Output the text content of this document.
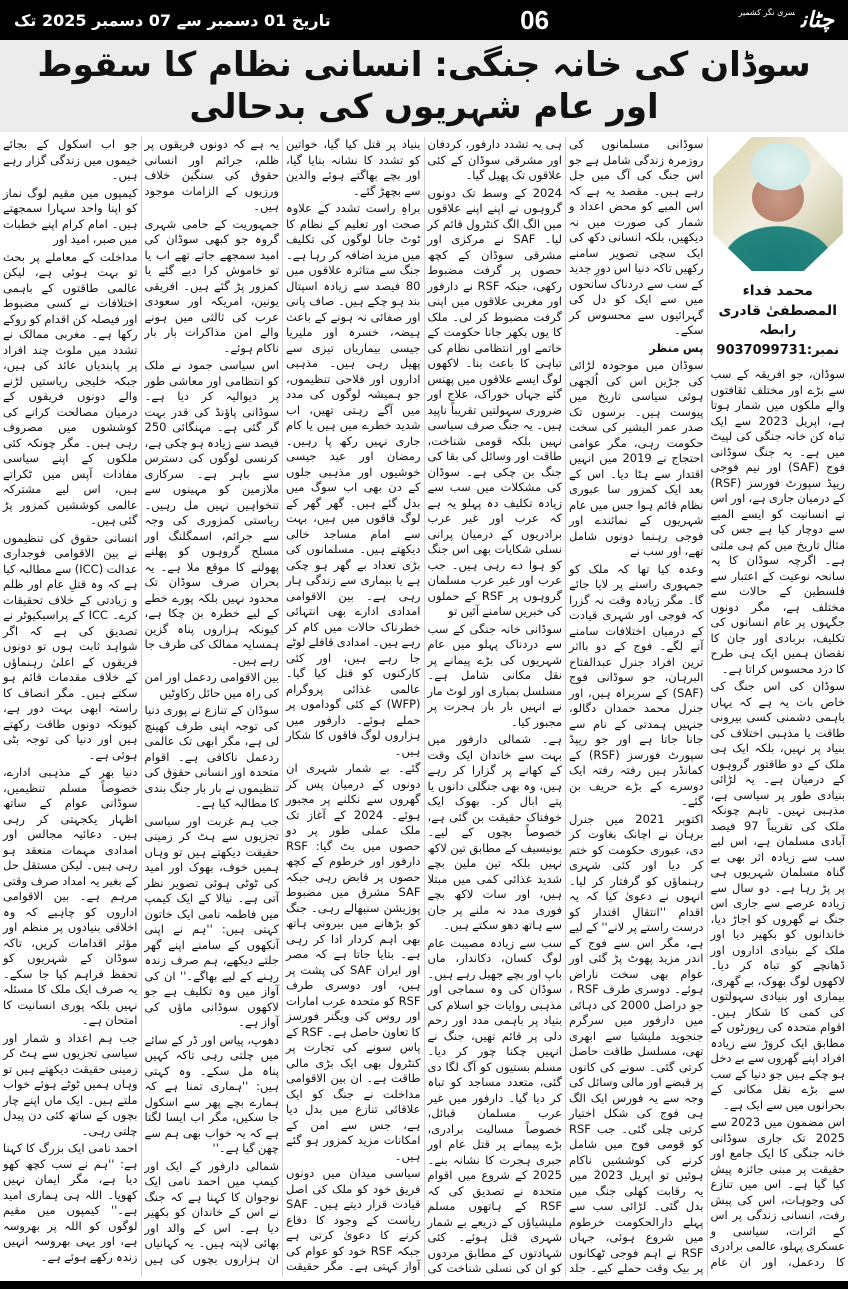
تاریخ 01 دسمبر سے 07 دسمبر 2025 تک	06	چٹان$^{سری نگر کشمیر}$
سوڈان کی خانہ جنگی: انسانی نظام کا سقوط اور عام شہریوں کی بدحالی
محمد فداء المصطفیٰ قادری
رابطہ نمبر:9037099731

سوڈان، جو افریقہ کے سب سے بڑے اور مختلف ثقافتوں والے ملکوں میں شمار ہوتا ہے، اپریل 2023 سے ایک تباہ کن خانہ جنگی کی لپیٹ میں ہے۔ یہ جنگ سوڈانی فوج (SAF) اور نیم فوجی ریپڈ سپورٹ فورسز (RSF) کے درمیان جاری ہے، اور اس نے انسانیت کو ایسے المیے سے دوچار کیا ہے جس کی مثال تاریخ میں کم ہی ملتی ہے۔ اگرچہ سوڈان کا یہ سانحہ نوعیت کے اعتبار سے فلسطین کے حالات سے مختلف ہے، مگر دونوں جگہوں پر عام انسانوں کی تکلیف، بربادی اور جان کا نقصان ہمیں ایک ہی طرح کا درد محسوس کراتا ہے۔

سوڈان کی اس جنگ کی خاص بات یہ ہے کہ یہاں باہمی دشمنی کسی بیرونی طاقت یا مذہبی اختلاف کی بنیاد پر نہیں، بلکہ ایک ہی ملک کے دو طاقتور گروہوں کے درمیان ہے۔ یہ لڑائی بنیادی طور پر سیاسی ہے، مذہبی نہیں۔ تاہم چونکہ ملک کی تقریباً 97 فیصد آبادی مسلمان ہے، اس لیے سب سے زیادہ اثر بھی بے گناہ مسلمان شہریوں ہی پر پڑ رہا ہے۔ دو سال سے زیادہ عرصے سے جاری اس جنگ نے گھروں کو اجاڑ دیا، خاندانوں کو بکھیر دیا اور ملک کے بنیادی اداروں اور ڈھانچے کو تباہ کر دیا۔ لاکھوں لوگ بھوک، بے گھری، بیماری اور بنیادی سہولتوں کی کمی کا شکار ہیں۔ اقوام متحدہ کی رپورٹوں کے مطابق ایک کروڑ سے زیادہ افراد اپنے گھروں سے بے دخل ہو چکے ہیں جو دنیا کے سب سے بڑے نقل مکانی کے بحرانوں میں سے ایک ہے۔

اس مضمون میں 2023 سے 2025 تک جاری سوڈانی خانہ جنگی کا ایک جامع اور حقیقت پر مبنی جائزہ پیش کیا گیا ہے۔ اس میں تنازع کی وجوہات، اس کی پیش رفت، انسانی زندگی پر اس کے اثرات، سیاسی و عسکری پہلو، عالمی برادری کا ردعمل، اور ان عام سوڈانی مسلمانوں کی روزمرہ زندگی شامل ہے جو اس جنگ کی آگ میں جل رہے ہیں۔ مقصد یہ ہے کہ اس المیے کو محض اعداد و شمار کی صورت میں نہ دیکھیں، بلکہ انسانی دکھ کی ایک سچی تصویر سامنے رکھیں تاکہ دنیا اس دورِ جدید کے سب سے دردناک سانحوں میں سے ایک کو دل کی گہرائیوں سے محسوس کر سکے۔

پس منظر

سوڈان میں موجودہ لڑائی کی جڑیں اس کی اُلجھی ہوئی سیاسی تاریخ میں پیوست ہیں۔ برسوں تک صدر عمر البشیر کی سخت حکومت رہی، مگر عوامی احتجاج نے 2019 میں انہیں اقتدار سے ہٹا دیا۔ اس کے بعد ایک کمزور سا عبوری نظام قائم ہوا جس میں عام شہریوں کے نمائندے اور فوجی رہنما دونوں شامل تھے، اور سب نے

وعدہ کیا تھا کہ ملک کو جمہوری راستے پر لایا جائے گا۔ مگر زیادہ وقت نہ گزرا کہ فوجی اور شہری قیادت کے درمیان اختلافات سامنے آنے لگے۔ فوج کے دو بااثر ترین افراد جنرل عبدالفتاح البرہان، جو سوڈانی فوج (SAF) کے سربراہ ہیں، اور جنرل محمد حمدان دگالو، جنہیں ہمدتی کے نام سے جانا جاتا ہے اور جو ریپڈ سپورٹ فورسز (RSF) کے کمانڈر ہیں رفتہ رفتہ ایک دوسرے کے بڑے حریف بن گئے۔

اکتوبر 2021 میں جنرل برہان نے اچانک بغاوت کر دی، عبوری حکومت کو ختم کر دیا اور کئی شہری رہنماؤں کو گرفتار کر لیا۔ انہوں نے دعویٰ کیا کہ یہ اقدام ''انتقالِ اقتدار کو درست راستے پر لانے'' کے لیے ہے، مگر اس سے فوج کے اندر مزید پھوٹ پڑ گئی اور عوام بھی سخت ناراض ہوئے۔ دوسری طرف RSF ، جو دراصل 2000 کی دہائی میں دارفور میں سرگرم جنجوید ملیشیا سے ابھری تھی، مسلسل طاقت حاصل کرتی گئی۔ سونے کی کانوں پر قبضے اور مالی وسائل کی وجہ سے یہ فورس ایک الگ ہی فوج کی شکل اختیار کرتی چلی گئی۔ جب RSF کو قومی فوج میں شامل کرنے کی کوششیں ناکام ہوئیں تو اپریل 2023 میں یہ رقابت کھلی جنگ میں بدل گئی۔ لڑائی سب سے پہلے دارالحکومت خرطوم میں شروع ہوئی، جہاں RSF نے اہم فوجی ٹھکانوں پر بیک وقت حملے کیے۔ جلد ہی یہ تشدد دارفور، کردفان اور مشرقی سوڈان کے کئی علاقوں تک پھیل گیا۔

2024 کے وسط تک دونوں گروہوں نے اپنے اپنے علاقوں میں الگ الگ کنٹرول قائم کر لیا۔ SAF نے مرکزی اور مشرقی سوڈان کے کچھ حصوں پر گرفت مضبوط رکھی، جبکہ RSF نے دارفور اور مغربی علاقوں میں اپنی گرفت مضبوط کر لی۔ ملک کا یوں بکھر جانا حکومت کے خاتمے اور انتظامی نظام کی تباہی کا باعث بنا۔ لاکھوں لوگ ایسے علاقوں میں پھنس گئے جہاں خوراک، علاج اور ضروری سہولتیں تقریباً ناپید ہیں۔ یہ جنگ صرف سیاسی نہیں بلکہ قومی شناخت، طاقت اور وسائل کی بقا کی جنگ بن چکی ہے۔ سوڈان کی مشکلات میں سب سے زیادہ تکلیف دہ پہلو یہ ہے کہ عرب اور غیر عرب برادریوں کے درمیان پرانی نسلی شکایات بھی اس جنگ کو ہوا دے رہی ہیں۔ جب عرب اور غیر عرب مسلمان گروہوں پر RSF کے حملوں کی خبریں سامنے آئیں تو

سوڈانی خانہ جنگی کے سب سے دردناک پہلو میں عام شہریوں کی بڑے پیمانے پر نقل مکانی شامل ہے۔ مسلسل بمباری اور لوٹ مار نے انہیں بار بار ہجرت پر مجبور کیا۔

ہے۔ شمالی دارفور میں بہت سے خاندان ایک وقت کے کھانے پر گزارا کر رہے ہیں، وہ بھی جنگلی دانوں یا پتے ابال کر۔ بھوک ایک خوفناک حقیقت بن گئی ہے، خصوصاً بچوں کے لیے۔ یونیسیف کے مطابق تین لاکھ نہیں بلکہ تین ملین بچے شدید غذائی کمی میں مبتلا ہیں، اور سات لاکھ بچے فوری مدد نہ ملنے پر جان سے ہاتھ دھو سکتے ہیں۔

سب سے زیادہ مصیبت عام لوگ کسان، دکاندار، ماں باپ اور بچے جھیل رہے ہیں۔ سوڈان کی وہ سماجی اور مذہبی روایات جو اسلام کی بنیاد پر باہمی مدد اور رحم دلی پر قائم تھیں، جنگ نے انہیں چکنا چور کر دیا۔ مسلم بستیوں کو آگ لگا دی گئی، متعدد مساجد کو تباہ کر دیا گیا۔ دارفور میں غیر عرب مسلمان قبائل، خصوصاً مسالیت برادری، بڑے پیمانے پر قتل عام اور جبری ہجرت کا نشانہ بنے۔ 2025 کے شروع میں اقوام متحدہ نے تصدیق کی کہ RSF کے ہاتھوں مسلم ملیشیاؤں کے ذریعے بے شمار شہری قتل ہوئے۔ کئی شہادتوں کے مطابق مردوں کو ان کی نسلی شناخت کی بنیاد پر قتل کیا گیا، خواتین کو تشدد کا نشانہ بنایا گیا، اور بچے بھاگتے ہوئے والدین سے بچھڑ گئے۔

براہِ راست تشدد کے علاوہ صحت اور تعلیم کے نظام کا ٹوٹ جانا لوگوں کی تکلیف میں مزید اضافہ کر رہا ہے۔ جنگ سے متاثرہ علاقوں میں 80 فیصد سے زیادہ اسپتال بند ہو چکے ہیں۔ صاف پانی اور صفائی نہ ہونے کے باعث ہیضہ، خسرہ اور ملیریا جیسی بیماریاں تیزی سے پھیل رہی ہیں۔ مذہبی اداروں اور فلاحی تنظیموں، جو ہمیشہ لوگوں کی مدد میں آگے رہتی تھیں، اب شدید خطرے میں ہیں یا کام جاری نہیں رکھ پا رہیں۔ رمضان اور عید جیسی خوشیوں اور مذہبی جلوں کے دن بھی اب سوگ میں بدل گئے ہیں۔ گھر گھر کے لوگ فاقوں میں ہیں، بہت سے امام مساجد خالی دیکھتے ہیں۔ مسلمانوں کی بڑی تعداد بے گھر ہو چکی ہے یا بیماری سے زندگی ہار رہی ہے۔ بین الاقوامی امدادی ادارے بھی انتہائی خطرناک حالات میں کام کر رہے ہیں۔ امدادی قافلے لوٹے جا رہے ہیں، اور کئی کارکنوں کو قتل کیا گیا۔ عالمی غذائی پروگرام (WFP) کے کئی گوداموں پر حملے ہوئے۔ دارفور میں ہزاروں لوگ فاقوں کا شکار ہیں۔

گئے۔ بے شمار شہری ان دونوں کے درمیان پس کر گھروں سے نکلنے پر مجبور ہوئے۔ 2024 کے آغاز تک ملک عملی طور پر دو حصوں میں بٹ گیا: RSF دارفور اور خرطوم کے کچھ حصوں پر قابض رہی جبکہ SAF مشرق میں مضبوط پوزیشن سنبھالے رہی۔ جنگ کو بڑھانے میں بیرونی ہاتھ بھی اہم کردار ادا کر رہی ہے۔ بتایا جاتا ہے کہ مصر اور ایران SAF کی پشت پر ہیں، اور دوسری طرف RSF کو متحدہ عرب امارات اور روس کی ویگنر فورسز کا تعاون حاصل ہے۔ RSF کے پاس سونے کی تجارت پر کنٹرول بھی ایک بڑی مالی طاقت ہے۔ ان بین الاقوامی مداخلت نے جنگ کو ایک علاقائی تنازع میں بدل دیا ہے، جس سے امن کے امکانات مزید کمزور ہو گئے ہیں۔

سیاسی میدان میں دونوں فریق خود کو ملک کی اصل قیادت قرار دیتے ہیں۔ SAF ریاست کے وجود کا دفاع کرنے کا دعویٰ کرتی ہے جبکہ RSF خود کو عوام کی آواز کہتی ہے۔ مگر حقیقت یہ ہے کہ دونوں فریقوں پر ظلم، جرائم اور انسانی حقوق کی سنگین خلاف ورزیوں کے الزامات موجود ہیں۔

جمہوریت کے حامی شہری گروہ جو کبھی سوڈان کی امید سمجھے جاتے تھے اب یا تو خاموش کرا دیے گئے یا کمزور پڑ گئے ہیں۔ افریقی یونین، امریکہ اور سعودی عرب کی ثالثی میں ہونے والے امن مذاکرات بار بار ناکام ہوئے۔

اس سیاسی جمود نے ملک کو انتظامی اور معاشی طور پر دیوالیہ کر دیا ہے۔ سوڈانی پاؤنڈ کی قدر بہت گر گئی ہے۔ مہنگائی 250 فیصد سے زیادہ ہو چکی ہے، کرنسی لوگوں کی دسترس سے باہر ہے۔ سرکاری ملازمین کو مہینوں سے تنخواہیں نہیں مل رہیں۔ ریاستی کمزوری کی وجہ سے جرائم، اسمگلنگ اور مسلح گروہوں کو پھلنے پھولنے کا موقع ملا ہے۔ یہ بحران صرف سوڈان تک محدود نہیں بلکہ پورے خطے کے لیے خطرہ بن چکا ہے، کیونکہ ہزاروں پناہ گزین ہمسایہ ممالک کی طرف جا رہے ہیں۔

بین الاقوامی ردعمل اور امن کی راہ میں حائل رکاوٹیں

سوڈان کے تنازع نے پوری دنیا کی توجہ اپنی طرف کھینچ لی ہے، مگر ابھی تک عالمی ردعمل ناکافی ہے۔ اقوام متحدہ اور انسانی حقوق کی تنظیموں نے بار بار جنگ بندی کا مطالبہ کیا ہے۔

جب ہم غربت اور سیاسی تجزیوں سے ہٹ کر زمینی حقیقت دیکھتے ہیں تو وہاں ہمیں خوف، بھوک اور امید کی ٹوٹی ہوئی تصویر نظر آتی ہے۔ نیالا کے ایک کیمپ میں فاطمہ نامی ایک خاتون کہتی ہیں: ''ہم نے اپنی آنکھوں کے سامنے اپنے گھر جلتے دیکھے، ہم صرف زندہ رہنے کے لیے بھاگے۔'' ان کی آواز میں وہ تکلیف ہے جو لاکھوں سوڈانی ماؤں کی آواز ہے۔

دھوپ، پیاس اور ڈر کے سائے میں چلتی رہی تاکہ کہیں پناہ مل سکے۔ وہ کہتی ہیں: ''ہماری تمنا ہے کہ ہمارے بچے پھر سے اسکول جا سکیں، مگر اب ایسا لگتا ہے کہ یہ خواب بھی ہم سے چھن گیا ہے۔''

شمالی دارفور کے ایک اور کیمپ میں احمد نامی ایک نوجوان کا کہنا ہے کہ جنگ نے اس کے خاندان کو بکھیر دیا ہے۔ اس کے والد اور بھائی لاپتہ ہیں۔ یہ کہانیاں ان ہزاروں بچوں کی ہیں جو اب اسکول کے بجائے خیموں میں زندگی گزار رہے ہیں۔

کیمپوں میں مقیم لوگ نماز کو اپنا واحد سہارا سمجھتے ہیں۔ امام کرام اپنے خطبات میں صبر، امید اور

مداخلت کے معاملے پر بحث تو بہت ہوئی ہے، لیکن عالمی طاقتوں کے باہمی اختلافات نے کسی مضبوط اور فیصلہ کن اقدام کو روکے رکھا ہے۔ مغربی ممالک نے تشدد میں ملوث چند افراد پر پابندیاں عائد کی ہیں، جبکہ خلیجی ریاستیں لڑنے والے دونوں فریقوں کے درمیان مصالحت کرانے کی کوششوں میں مصروف رہی ہیں۔ مگر چونکہ کئی ملکوں کے اپنے سیاسی مفادات آپس میں ٹکراتے ہیں، اس لیے مشترکہ عالمی کوششیں کمزور پڑ گئی ہیں۔

انسانی حقوق کی تنظیموں نے بین الاقوامی فوجداری عدالت (ICC) سے مطالبہ کیا ہے کہ وہ قتلِ عام اور ظلم و زیادتی کے خلاف تحقیقات کرے۔ ICC کے پراسیکیوٹر نے تصدیق کی ہے کہ اگر شواہد ثابت ہوں تو دونوں فریقوں کے اعلیٰ رہنماؤں کے خلاف مقدمات قائم ہو سکتے ہیں۔ مگر انصاف کا راستہ ابھی بہت دور ہے، کیونکہ دونوں طاقت رکھتے ہیں اور دنیا کی توجہ بٹی ہوئی ہے۔

دنیا بھر کے مذہبی ادارے، خصوصاً مسلم تنظیمیں، سوڈانی عوام کے ساتھ اظہار یکجہتی کر رہی ہیں۔ دعائیہ مجالس اور امدادی مہمات منعقد ہو رہی ہیں۔ لیکن مستقل حل کے بغیر یہ امداد صرف وقتی مرہم ہے۔ بین الاقوامی اداروں کو چاہیے کہ وہ اخلاقی بنیادوں پر منظم اور مؤثر اقدامات کریں، تاکہ سوڈان کے شہریوں کو تحفظ فراہم کیا جا سکے۔ یہ صرف ایک ملک کا مسئلہ نہیں بلکہ پوری انسانیت کا امتحان ہے۔

جب ہم اعداد و شمار اور سیاسی تجزیوں سے ہٹ کر زمینی حقیقت دیکھتے ہیں تو وہاں ہمیں ٹوٹے ہوئے خواب ملتے ہیں۔ ایک ماں اپنے چار بچوں کے ساتھ کئی دن پیدل چلتی رہی۔

احمد نامی ایک بزرگ کا کہنا ہے: ''ہم نے سب کچھ کھو دیا ہے، مگر ایمان نہیں کھویا۔ اللہ ہی ہماری امید ہے۔'' کیمپوں میں مقیم لوگوں کو اللہ پر بھروسہ ہے، اور یہی بھروسہ انہیں زندہ رکھے ہوئے ہے۔
